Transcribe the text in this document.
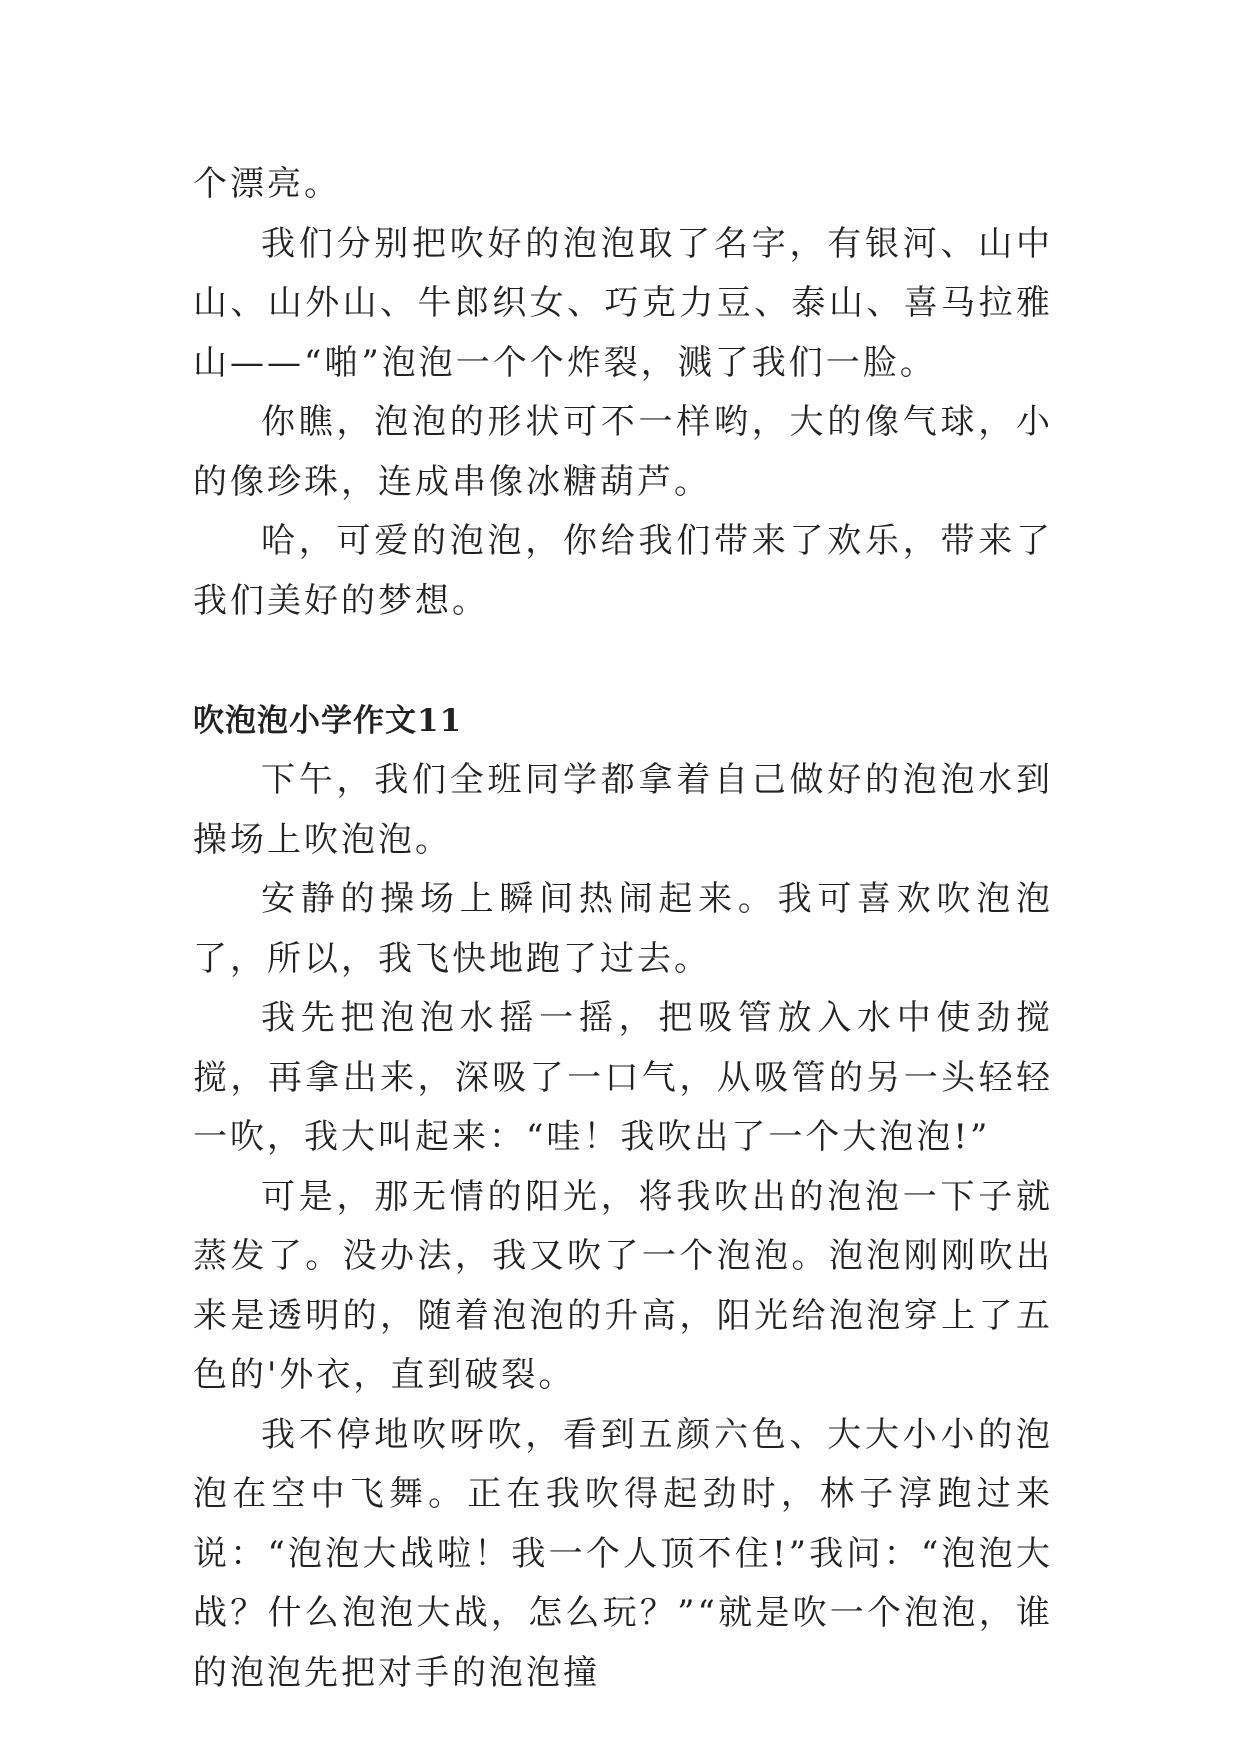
个漂亮。

我们分别把吹好的泡泡取了名字，有银河、山中山、山外山、牛郎织女、巧克力豆、泰山、喜马拉雅山——“啪”泡泡一个个炸裂，溅了我们一脸。

你瞧，泡泡的形状可不一样哟，大的像气球，小的像珍珠，连成串像冰糖葫芦。

哈，可爱的泡泡，你给我们带来了欢乐，带来了我们美好的梦想。

吹泡泡小学作文11

下午，我们全班同学都拿着自己做好的泡泡水到操场上吹泡泡。

安静的操场上瞬间热闹起来。我可喜欢吹泡泡了，所以，我飞快地跑了过去。

我先把泡泡水摇一摇，把吸管放入水中使劲搅搅，再拿出来，深吸了一口气，从吸管的另一头轻轻一吹，我大叫起来：“哇！我吹出了一个大泡泡!”

可是，那无情的阳光，将我吹出的泡泡一下子就蒸发了。没办法，我又吹了一个泡泡。泡泡刚刚吹出来是透明的，随着泡泡的升高，阳光给泡泡穿上了五色的'外衣，直到破裂。

我不停地吹呀吹，看到五颜六色、大大小小的泡泡在空中飞舞。正在我吹得起劲时，林子淳跑过来说：“泡泡大战啦！我一个人顶不住!”我问：“泡泡大战？什么泡泡大战，怎么玩？”“就是吹一个泡泡，谁的泡泡先把对手的泡泡撞
